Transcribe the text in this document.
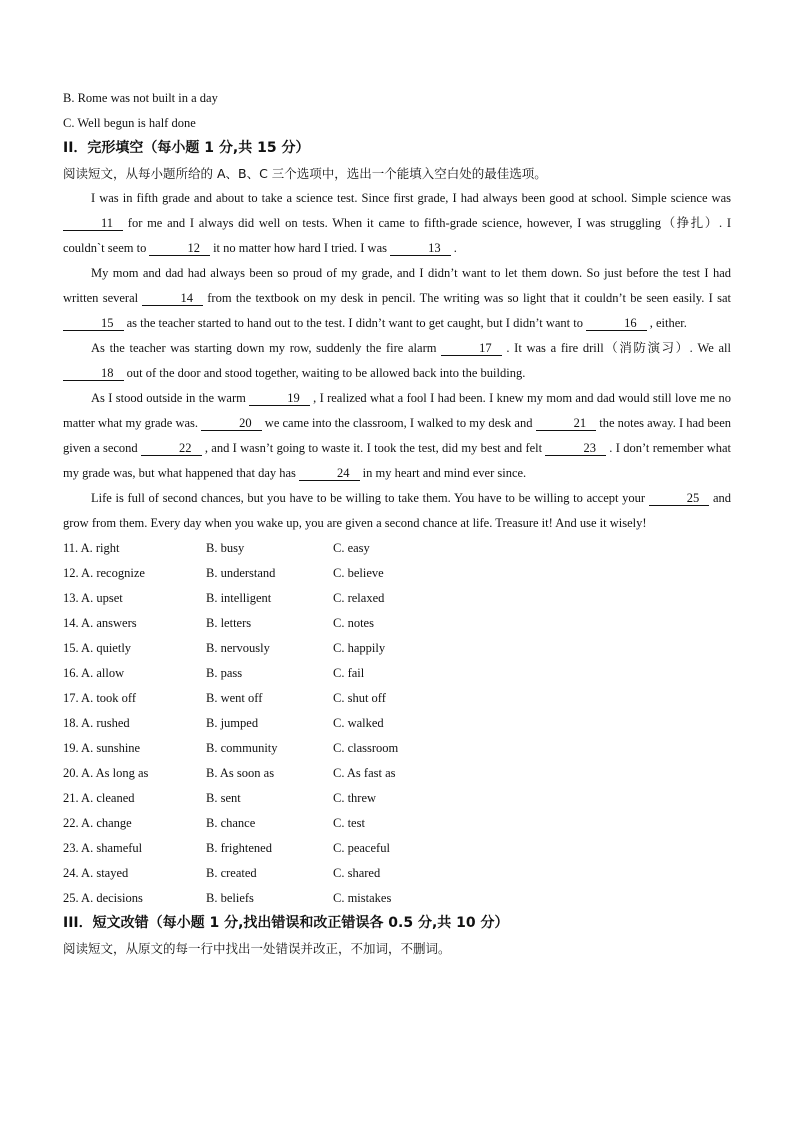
B. Rome was not built in a day
C. Well begun is half done
II．完形填空（每小题 1 分,共 15 分）
阅读短文，从每小题所给的 A、B、C 三个选项中，选出一个能填入空白处的最佳选项。
I was in fifth grade and about to take a science test. Since first grade, I had always been good at school. Simple science was 11 for me and I always did well on tests. When it came to fifth-grade science, however, I was struggling（挣扎）. I couldn`t seem to	12 it no matter how hard I tried. I was	13 .
My mom and dad had always been so proud of my grade, and I didn’t want to let them down. So just before the test I had written several	14 from the textbook on my desk in pencil. The writing was so light that it couldn’t be seen easily. I sat 15 as the teacher started to hand out to the test. I didn’t want to get caught, but I didn’t want to	16 , either.
As the teacher was starting down my row, suddenly the fire alarm	17 . It was a fire drill（消防演习）. We all 18 out of the door and stood together, waiting to be allowed back into the building.
As I stood outside in the warm	19 , I realized what a fool I had been. I knew my mom and dad would still love me no matter what my grade was.	20 we came into the classroom, I walked to my desk and	21 the notes away. I had been given a second	22 , and I wasn’t going to waste it. I took the test, did my best and felt	23 . I don’t remember what my grade was, but what happened that day has	24 in my heart and mind ever since.
Life is full of second chances, but you have to be willing to take them. You have to be willing to accept your	25 and grow from them. Every day when you wake up, you are given a second chance at life. Treasure it! And use it wisely!
11. A. right	B. busy	C. easy
12. A. recognize	B. understand	C. believe
13. A. upset	B. intelligent	C. relaxed
14. A. answers	B. letters	C. notes
15. A. quietly	B. nervously	C. happily
16. A. allow	B. pass	C. fail
17. A. took off	B. went off	C. shut off
18. A. rushed	B. jumped	C. walked
19. A. sunshine	B. community	C. classroom
20. A. As long as	B. As soon as	C. As fast as
21. A. cleaned	B. sent	C. threw
22. A. change	B. chance	C. test
23. A. shameful	B. frightened	C. peaceful
24. A. stayed	B. created	C. shared
25. A. decisions	B. beliefs	C. mistakes
III．短文改错（每小题 1 分,找出错误和改正错误各 0.5 分,共 10 分）
阅读短文，从原文的每一行中找出一处错误并改正，不加词，不删词。
